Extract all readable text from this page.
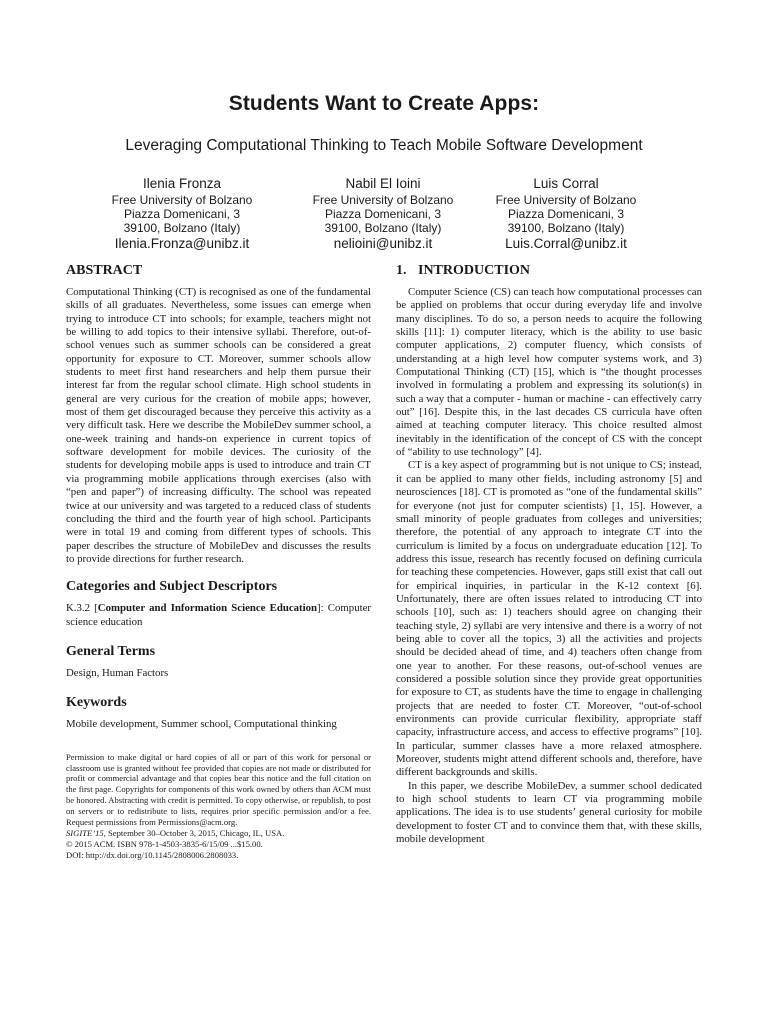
Students Want to Create Apps:
Leveraging Computational Thinking to Teach Mobile Software Development
Ilenia Fronza
Free University of Bolzano
Piazza Domenicani, 3
39100, Bolzano (Italy)
Ilenia.Fronza@unibz.it
Nabil El Ioini
Free University of Bolzano
Piazza Domenicani, 3
39100, Bolzano (Italy)
nelioini@unibz.it
Luis Corral
Free University of Bolzano
Piazza Domenicani, 3
39100, Bolzano (Italy)
Luis.Corral@unibz.it
ABSTRACT

Computational Thinking (CT) is recognised as one of the fundamental skills of all graduates. Nevertheless, some issues can emerge when trying to introduce CT into schools; for example, teachers might not be willing to add topics to their intensive syllabi. Therefore, out-of-school venues such as summer schools can be considered a great opportunity for exposure to CT. Moreover, summer schools allow students to meet first hand researchers and help them pursue their interest far from the regular school climate. High school students in general are very curious for the creation of mobile apps; however, most of them get discouraged because they perceive this activity as a very difficult task. Here we describe the MobileDev summer school, a one-week training and hands-on experience in current topics of software development for mobile devices. The curiosity of the students for developing mobile apps is used to introduce and train CT via programming mobile applications through exercises (also with “pen and paper”) of increasing difficulty. The school was repeated twice at our university and was targeted to a reduced class of students concluding the third and the fourth year of high school. Participants were in total 19 and coming from different types of schools. This paper describes the structure of MobileDev and discusses the results to provide directions for further research.

Categories and Subject Descriptors

K.3.2 [Computer and Information Science Education]: Computer science education

General Terms

Design, Human Factors

Keywords

Mobile development, Summer school, Computational thinking

Permission to make digital or hard copies of all or part of this work for personal or classroom use is granted without fee provided that copies are not made or distributed for profit or commercial advantage and that copies bear this notice and the full citation on the first page. Copyrights for components of this work owned by others than ACM must be honored. Abstracting with credit is permitted. To copy otherwise, or republish, to post on servers or to redistribute to lists, requires prior specific permission and/or a fee. Request permissions from Permissions@acm.org.
SIGITE’15, September 30–October 3, 2015, Chicago, IL, USA.
© 2015 ACM. ISBN 978-1-4503-3835-6/15/09 ...$15.00.
DOI: http://dx.doi.org/10.1145/2808006.2808033.
1. INTRODUCTION

Computer Science (CS) can teach how computational processes can be applied on problems that occur during everyday life and involve many disciplines. To do so, a person needs to acquire the following skills [11]: 1) computer literacy, which is the ability to use basic computer applications, 2) computer fluency, which consists of understanding at a high level how computer systems work, and 3) Computational Thinking (CT) [15], which is “the thought processes involved in formulating a problem and expressing its solution(s) in such a way that a computer - human or machine - can effectively carry out” [16]. Despite this, in the last decades CS curricula have often aimed at teaching computer literacy. This choice resulted almost inevitably in the identification of the concept of CS with the concept of “ability to use technology” [4].

CT is a key aspect of programming but is not unique to CS; instead, it can be applied to many other fields, including astronomy [5] and neurosciences [18]. CT is promoted as “one of the fundamental skills” for everyone (not just for computer scientists) [1, 15]. However, a small minority of people graduates from colleges and universities; therefore, the potential of any approach to integrate CT into the curriculum is limited by a focus on undergraduate education [12]. To address this issue, research has recently focused on defining curricula for teaching these competencies. However, gaps still exist that call out for empirical inquiries, in particular in the K-12 context [6]. Unfortunately, there are often issues related to introducing CT into schools [10], such as: 1) teachers should agree on changing their teaching style, 2) syllabi are very intensive and there is a worry of not being able to cover all the topics, 3) all the activities and projects should be decided ahead of time, and 4) teachers often change from one year to another. For these reasons, out-of-school venues are considered a possible solution since they provide great opportunities for exposure to CT, as students have the time to engage in challenging projects that are needed to foster CT. Moreover, “out-of-school environments can provide curricular flexibility, appropriate staff capacity, infrastructure access, and access to effective programs” [10]. In particular, summer classes have a more relaxed atmosphere. Moreover, students might attend different schools and, therefore, have different backgrounds and skills.

In this paper, we describe MobileDev, a summer school dedicated to high school students to learn CT via programming mobile applications. The idea is to use students’ general curiosity for mobile development to foster CT and to convince them that, with these skills, mobile development
